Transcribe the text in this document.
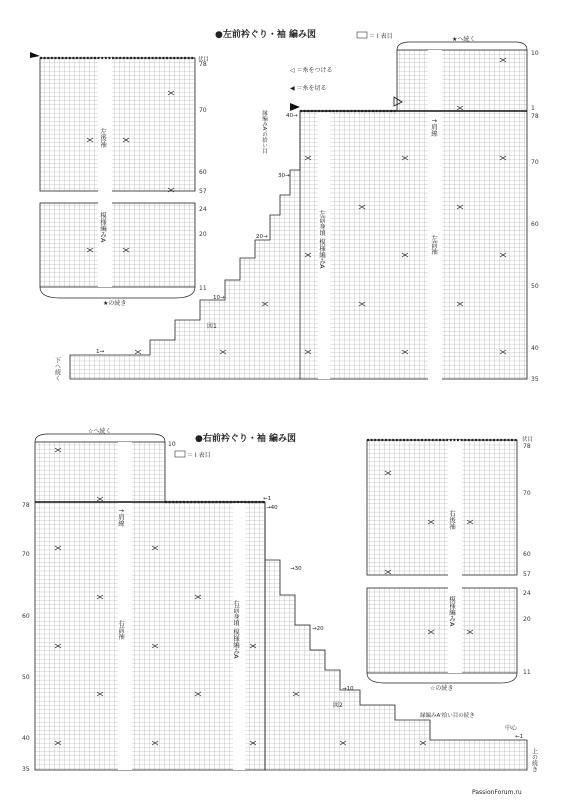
●左前衿ぐり・袖 編み図	＝ I 表目
伏目
78
70
60
57
24
20
11
左後袖
模様編みA
★の続き
★へ続く
10
1
78
70
60
50
40
35
↑肩線
左前袖
左前身頃 模様編みA
縁編みA'の拾い目	40→
30→
20→
10→
1→
図1
下へ続く
◁ ＝糸をつける
◀ ＝糸を切る
●右前衿ぐり・袖 編み図
＝ I 表目
☆へ続く
10
78
70
60
50
40
35
↑肩線
右前袖	右前身頃 模様編みA
←1
→40
→30
→20
→10
←1
図2
縁編みA'拾い目の続き
中心
上の続き
伏目
78
70
60
57
24
20
11
右後袖
模様編みA
☆の続き
PassionForum.ru
